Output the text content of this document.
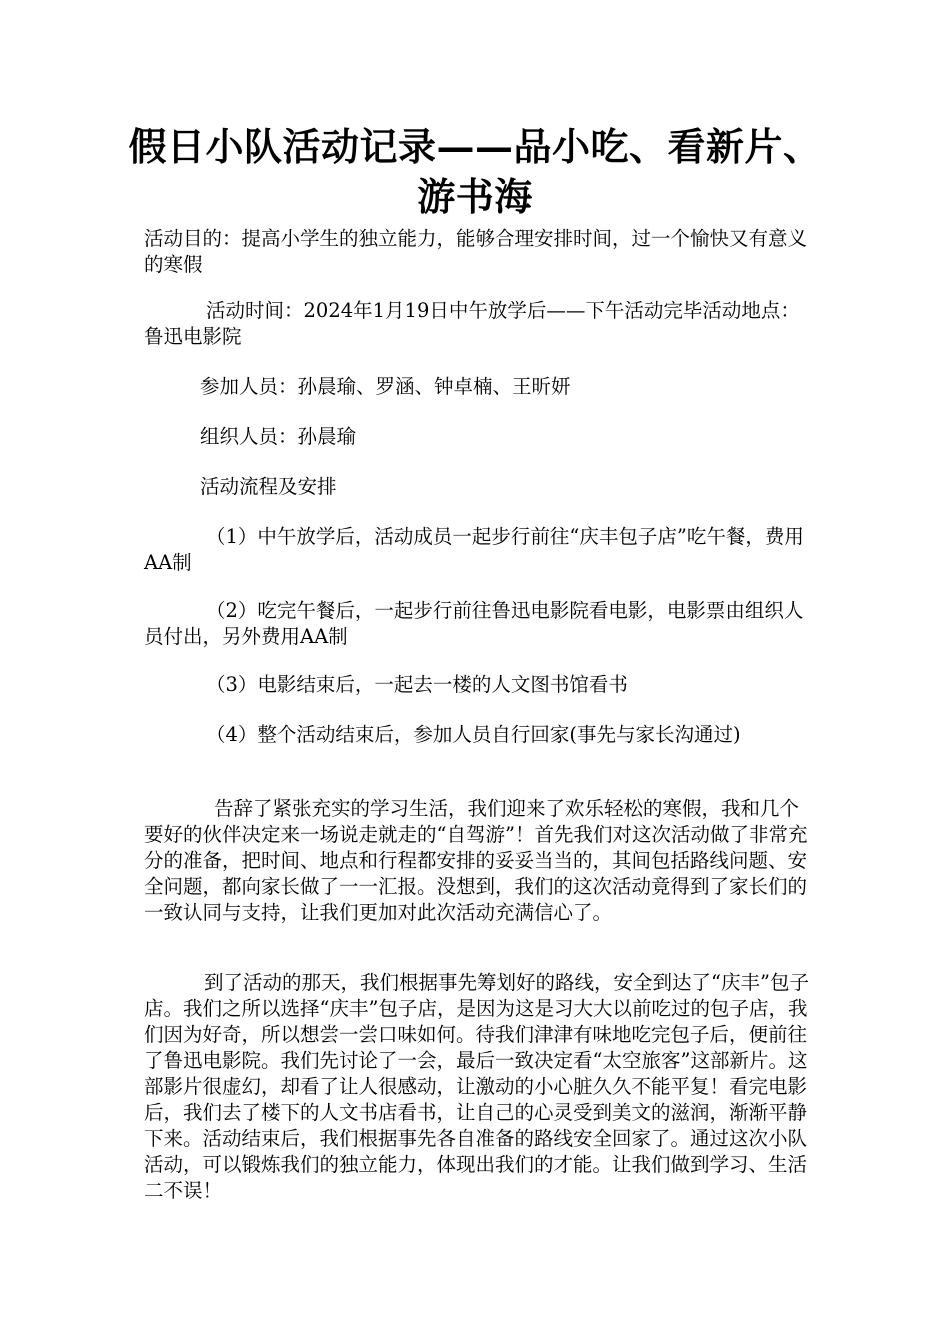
假日小队活动记录——品小吃、看新片、游书海

活动目的：提高小学生的独立能力，能够合理安排时间，过一个愉快又有意义的寒假

活动时间：2024年1月19日中午放学后——下午活动完毕活动地点：鲁迅电影院

参加人员：孙晨瑜、罗涵、钟卓楠、王昕妍

组织人员：孙晨瑜

活动流程及安排

（1）中午放学后，活动成员一起步行前往“庆丰包子店”吃午餐，费用AA制

（2）吃完午餐后，一起步行前往鲁迅电影院看电影，电影票由组织人员付出，另外费用AA制

（3）电影结束后，一起去一楼的人文图书馆看书

（4）整个活动结束后，参加人员自行回家(事先与家长沟通过)

告辞了紧张充实的学习生活，我们迎来了欢乐轻松的寒假，我和几个要好的伙伴决定来一场说走就走的“自驾游”！首先我们对这次活动做了非常充分的准备，把时间、地点和行程都安排的妥妥当当的，其间包括路线问题、安全问题，都向家长做了一一汇报。没想到，我们的这次活动竟得到了家长们的一致认同与支持，让我们更加对此次活动充满信心了。

到了活动的那天，我们根据事先筹划好的路线，安全到达了“庆丰”包子店。我们之所以选择“庆丰”包子店，是因为这是习大大以前吃过的包子店，我们因为好奇，所以想尝一尝口味如何。待我们津津有味地吃完包子后，便前往了鲁迅电影院。我们先讨论了一会，最后一致决定看“太空旅客”这部新片。这部影片很虚幻，却看了让人很感动，让激动的小心脏久久不能平复！看完电影后，我们去了楼下的人文书店看书，让自己的心灵受到美文的滋润，渐渐平静下来。活动结束后，我们根据事先各自准备的路线安全回家了。通过这次小队活动，可以锻炼我们的独立能力，体现出我们的才能。让我们做到学习、生活二不误！
